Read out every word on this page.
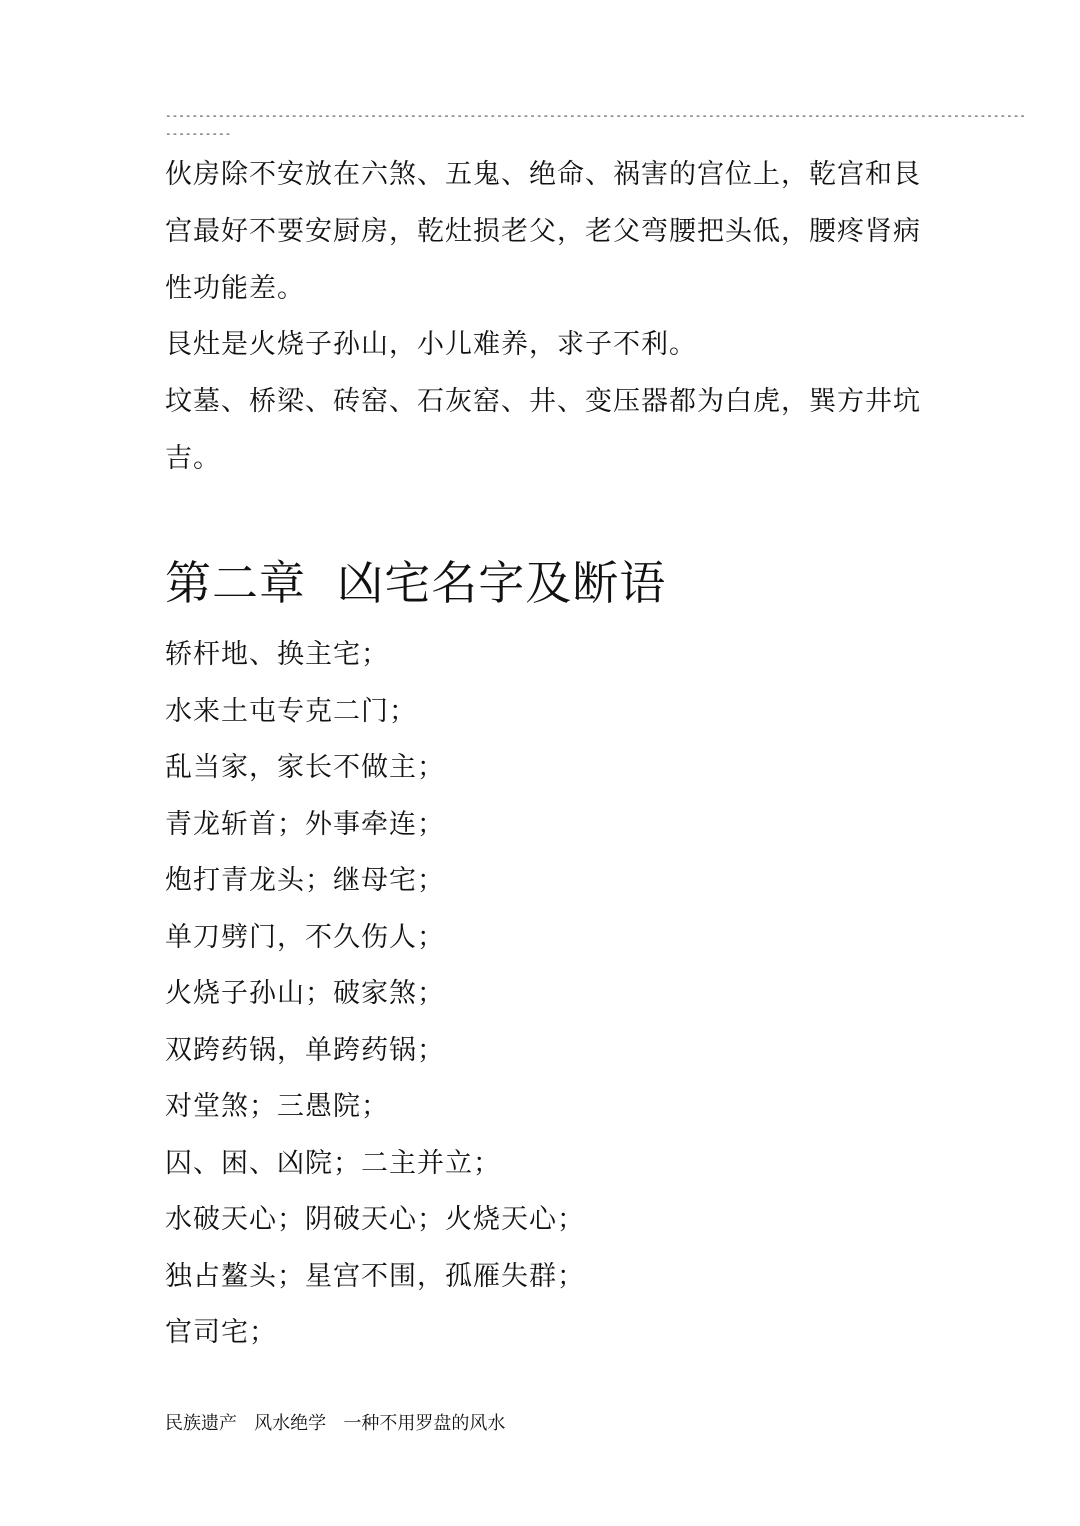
----------------------------------------------------------------------------------------------------------------------------------
----------

伙房除不安放在六煞、五鬼、绝命、祸害的宫位上，乾宫和艮宫最好不要安厨房，乾灶损老父，老父弯腰把头低，腰疼肾病性功能差。

艮灶是火烧子孙山，小儿难养，求子不利。

坟墓、桥梁、砖窑、石灰窑、井、变压器都为白虎，巽方井坑吉。

第二章  凶宅名字及断语
轿杆地、换主宅；
水来土屯专克二门；
乱当家，家长不做主；
青龙斩首；外事牵连；
炮打青龙头；继母宅；
单刀劈门，不久伤人；
火烧子孙山；破家煞；
双跨药锅，单跨药锅；
对堂煞；三愚院；
囚、困、凶院；二主并立；
水破天心；阴破天心；火烧天心；
独占鳌头；星宫不围，孤雁失群；
官司宅；
民族遗产   风水绝学   一种不用罗盘的风水
